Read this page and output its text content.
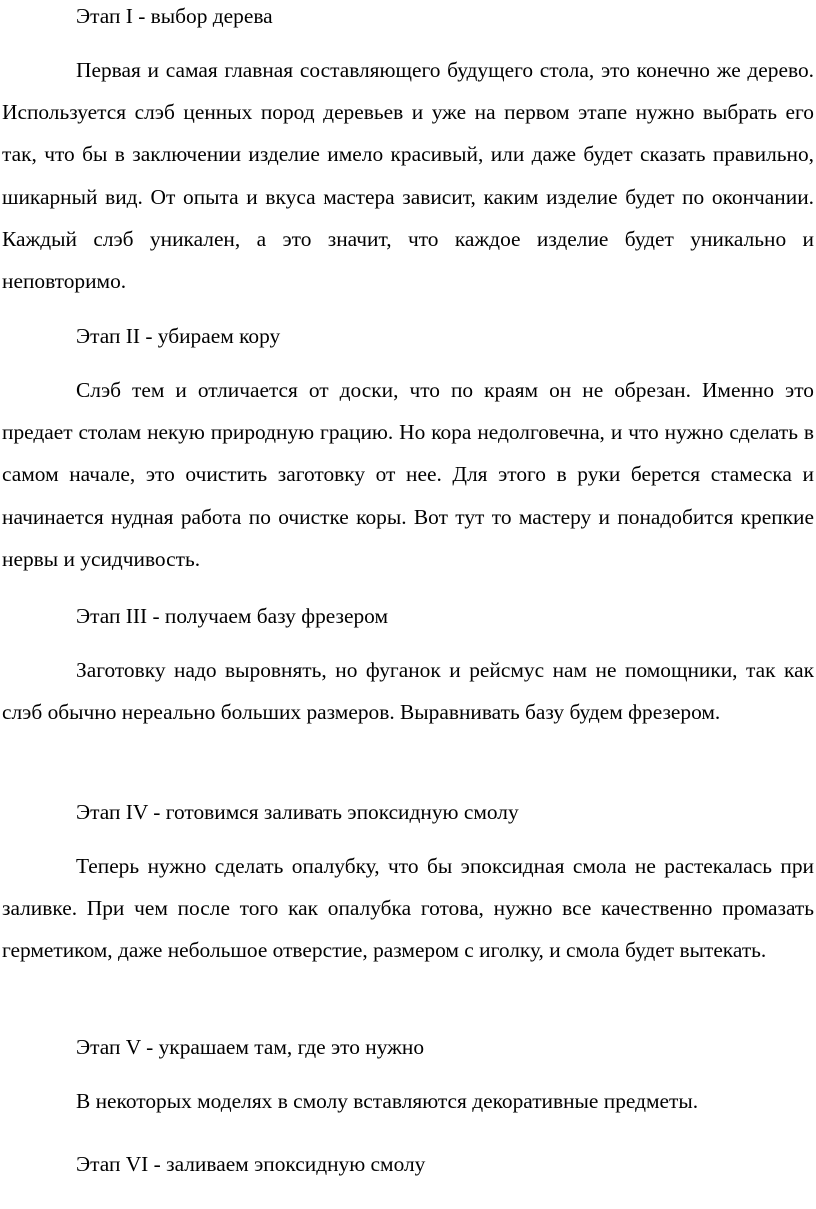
Этап I - выбор дерева

Первая и самая главная составляющего будущего стола, это конечно же дерево. Используется слэб ценных пород деревьев и уже на первом этапе нужно выбрать его так, что бы в заключении изделие имело красивый, или даже будет сказать правильно, шикарный вид. От опыта и вкуса мастера зависит, каким изделие будет по окончании. Каждый слэб уникален, а это значит, что каждое изделие будет уникально и неповторимо.

Этап II - убираем кору

Слэб тем и отличается от доски, что по краям он не обрезан. Именно это предает столам некую природную грацию. Но кора недолговечна, и что нужно сделать в самом начале, это очистить заготовку от нее. Для этого в руки берется стамеска и начинается нудная работа по очистке коры. Вот тут то мастеру и понадобится крепкие нервы и усидчивость.

Этап III - получаем базу фрезером

Заготовку надо выровнять, но фуганок и рейсмус нам не помощники, так как слэб обычно нереально больших размеров. Выравнивать базу будем фрезером.

Этап IV - готовимся заливать эпоксидную смолу

Теперь нужно сделать опалубку, что бы эпоксидная смола не растекалась при заливке. При чем после того как опалубка готова, нужно все качественно промазать герметиком, даже небольшое отверстие, размером с иголку, и смола будет вытекать.

Этап V - украшаем там, где это нужно

В некоторых моделях в смолу вставляются декоративные предметы.

Этап VI - заливаем эпоксидную смолу
